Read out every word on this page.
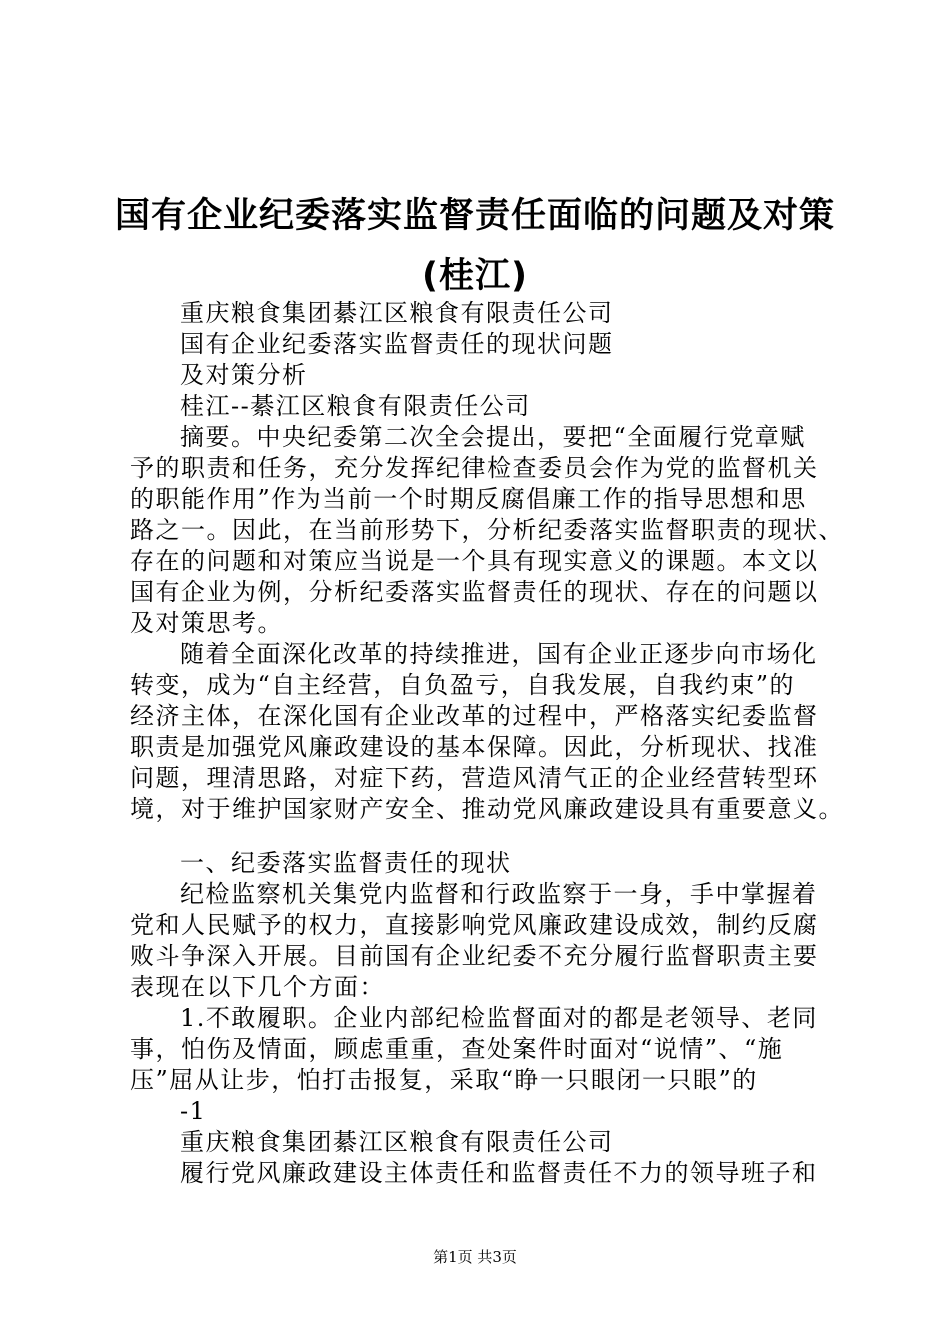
国有企业纪委落实监督责任面临的问题及对策
(桂江)
重庆粮食集团綦江区粮食有限责任公司
国有企业纪委落实监督责任的现状问题
及对策分析
桂江--綦江区粮食有限责任公司
摘要。中央纪委第二次全会提出，要把“全面履行党章赋
予的职责和任务，充分发挥纪律检查委员会作为党的监督机关
的职能作用”作为当前一个时期反腐倡廉工作的指导思想和思
路之一。因此，在当前形势下，分析纪委落实监督职责的现状、
存在的问题和对策应当说是一个具有现实意义的课题。本文以
国有企业为例，分析纪委落实监督责任的现状、存在的问题以
及对策思考。
随着全面深化改革的持续推进，国有企业正逐步向市场化
转变，成为“自主经营，自负盈亏，自我发展，自我约束”的
经济主体，在深化国有企业改革的过程中，严格落实纪委监督
职责是加强党风廉政建设的基本保障。因此，分析现状、找准
问题，理清思路，对症下药，营造风清气正的企业经营转型环
境，对于维护国家财产安全、推动党风廉政建设具有重要意义。
一、纪委落实监督责任的现状
纪检监察机关集党内监督和行政监察于一身，手中掌握着
党和人民赋予的权力，直接影响党风廉政建设成效，制约反腐
败斗争深入开展。目前国有企业纪委不充分履行监督职责主要
表现在以下几个方面：
1.不敢履职。企业内部纪检监督面对的都是老领导、老同
事，怕伤及情面，顾虑重重，查处案件时面对“说情”、“施
压”屈从让步，怕打击报复，采取“睁一只眼闭一只眼”的
-1
重庆粮食集团綦江区粮食有限责任公司
履行党风廉政建设主体责任和监督责任不力的领导班子和
第1页 共3页
